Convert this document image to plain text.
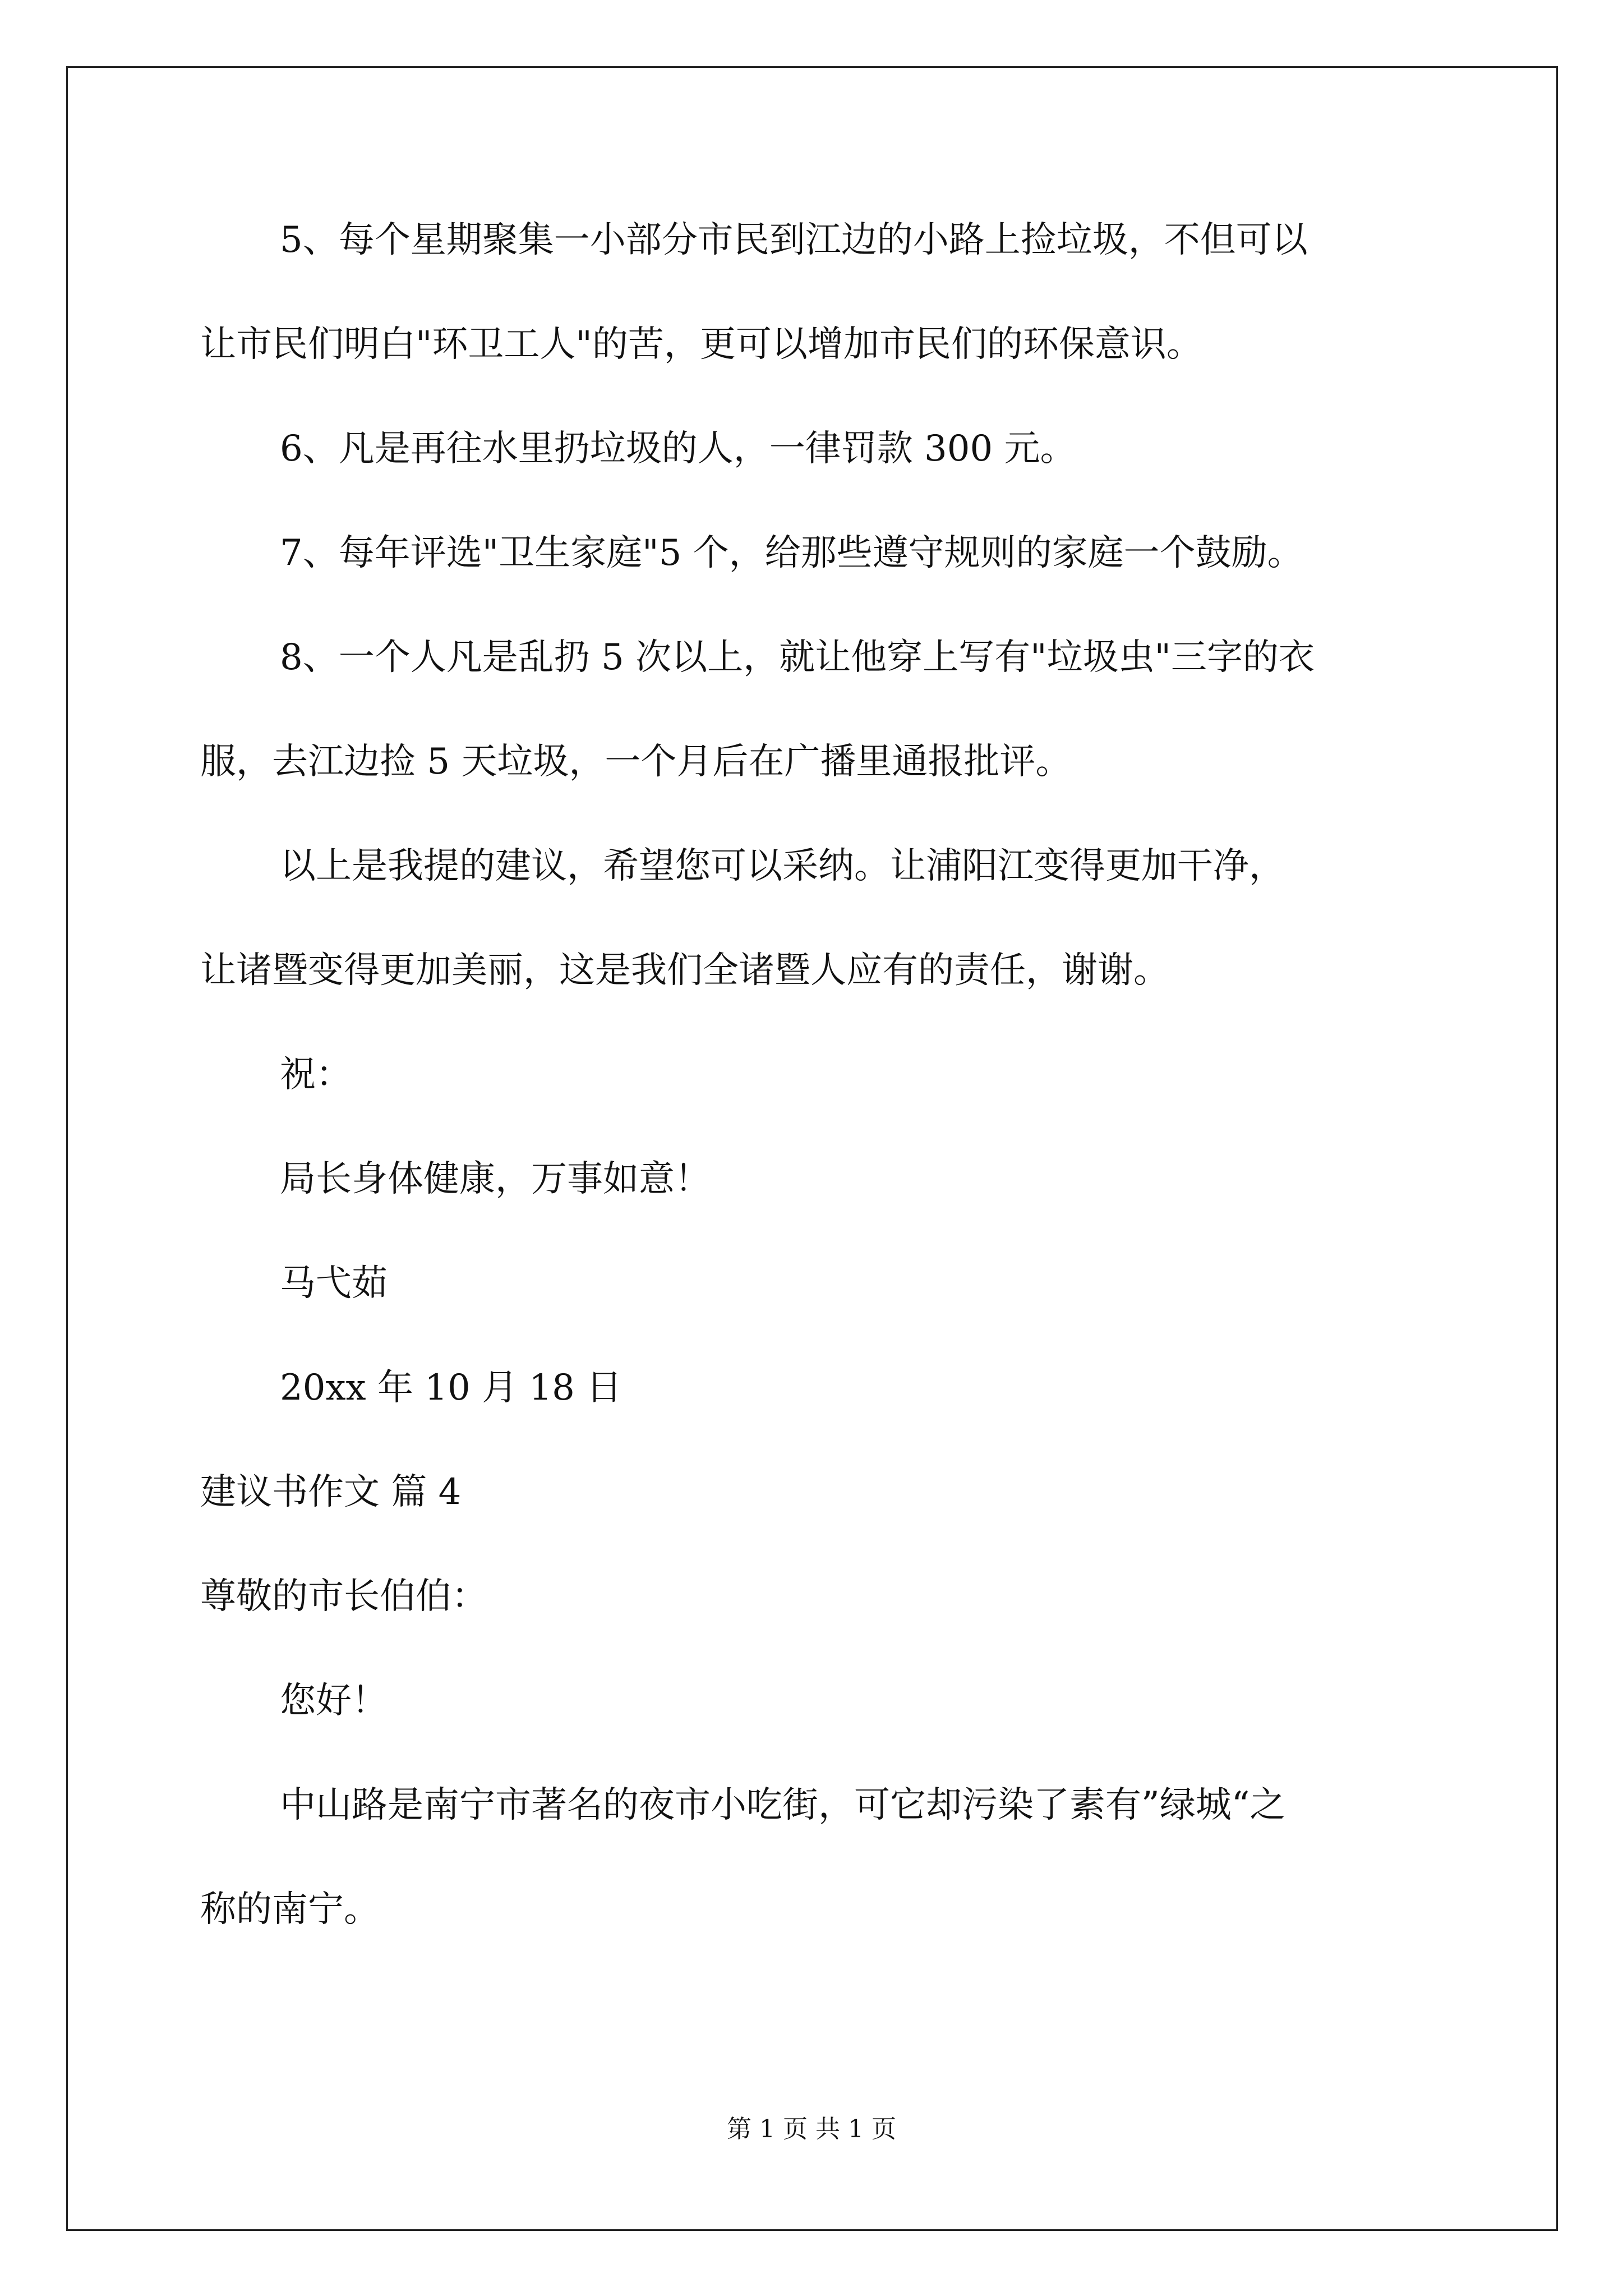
5、每个星期聚集一小部分市民到江边的小路上捡垃圾，不但可以

让市民们明白"环卫工人"的苦，更可以增加市民们的环保意识。

6、凡是再往水里扔垃圾的人，一律罚款 300 元。

7、每年评选"卫生家庭"5 个，给那些遵守规则的家庭一个鼓励。

8、一个人凡是乱扔 5 次以上，就让他穿上写有"垃圾虫"三字的衣

服，去江边捡 5 天垃圾，一个月后在广播里通报批评。

以上是我提的建议，希望您可以采纳。让浦阳江变得更加干净，

让诸暨变得更加美丽，这是我们全诸暨人应有的责任，谢谢。

祝：

局长身体健康，万事如意！

马弋茹

20xx 年 10 月 18 日

建议书作文 篇 4

尊敬的市长伯伯：

您好！

中山路是南宁市著名的夜市小吃街，可它却污染了素有”绿城“之

称的南宁。

第 1 页 共 1 页
